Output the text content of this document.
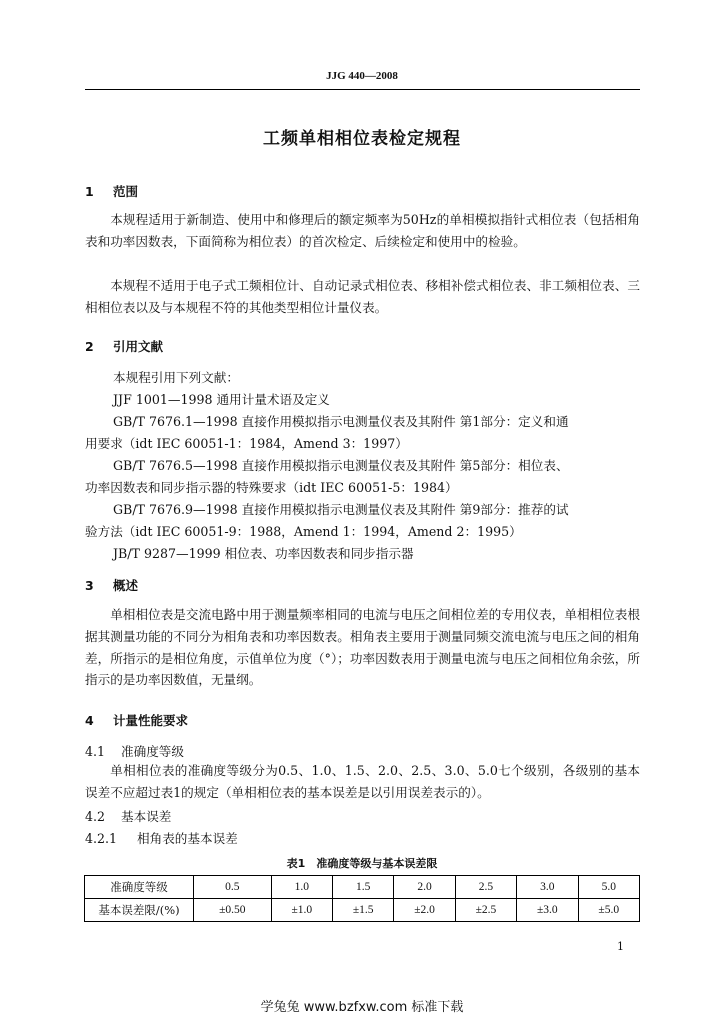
JJG 440—2008
工频单相相位表检定规程
1 范围

本规程适用于新制造、使用中和修理后的额定频率为50Hz的单相模拟指针式相位表（包括相角表和功率因数表，下面简称为相位表）的首次检定、后续检定和使用中的检验。

本规程不适用于电子式工频相位计、自动记录式相位表、移相补偿式相位表、非工频相位表、三相相位表以及与本规程不符的其他类型相位计量仪表。

2 引用文献
本规程引用下列文献：
JJF 1001—1998 通用计量术语及定义
GB/T 7676.1—1998 直接作用模拟指示电测量仪表及其附件 第1部分：定义和通
用要求（idt IEC 60051-1：1984，Amend 3：1997）
GB/T 7676.5—1998 直接作用模拟指示电测量仪表及其附件 第5部分：相位表、
功率因数表和同步指示器的特殊要求（idt IEC 60051-5：1984）
GB/T 7676.9—1998 直接作用模拟指示电测量仪表及其附件 第9部分：推荐的试
验方法（idt IEC 60051-9：1988，Amend 1：1994，Amend 2：1995）
JB/T 9287—1999 相位表、功率因数表和同步指示器
3 概述

单相相位表是交流电路中用于测量频率相同的电流与电压之间相位差的专用仪表，单相相位表根据其测量功能的不同分为相角表和功率因数表。相角表主要用于测量同频交流电流与电压之间的相角差，所指示的是相位角度，示值单位为度（°）；功率因数表用于测量电流与电压之间相位角余弦，所指示的是功率因数值，无量纲。

4 计量性能要求
4.1 准确度等级

单相相位表的准确度等级分为0.5、1.0、1.5、2.0、2.5、3.0、5.0七个级别，各级别的基本误差不应超过表1的规定（单相相位表的基本误差是以引用误差表示的）。

4.2 基本误差
4.2.1 相角表的基本误差
表1　准确度等级与基本误差限
准确度等级	0.5	1.0	1.5	2.0	2.5	3.0	5.0
基本误差限/(%)	±0.50	±1.0	±1.5	±2.0	±2.5	±3.0	±5.0
1
学兔兔 www.bzfxw.com 标准下载
